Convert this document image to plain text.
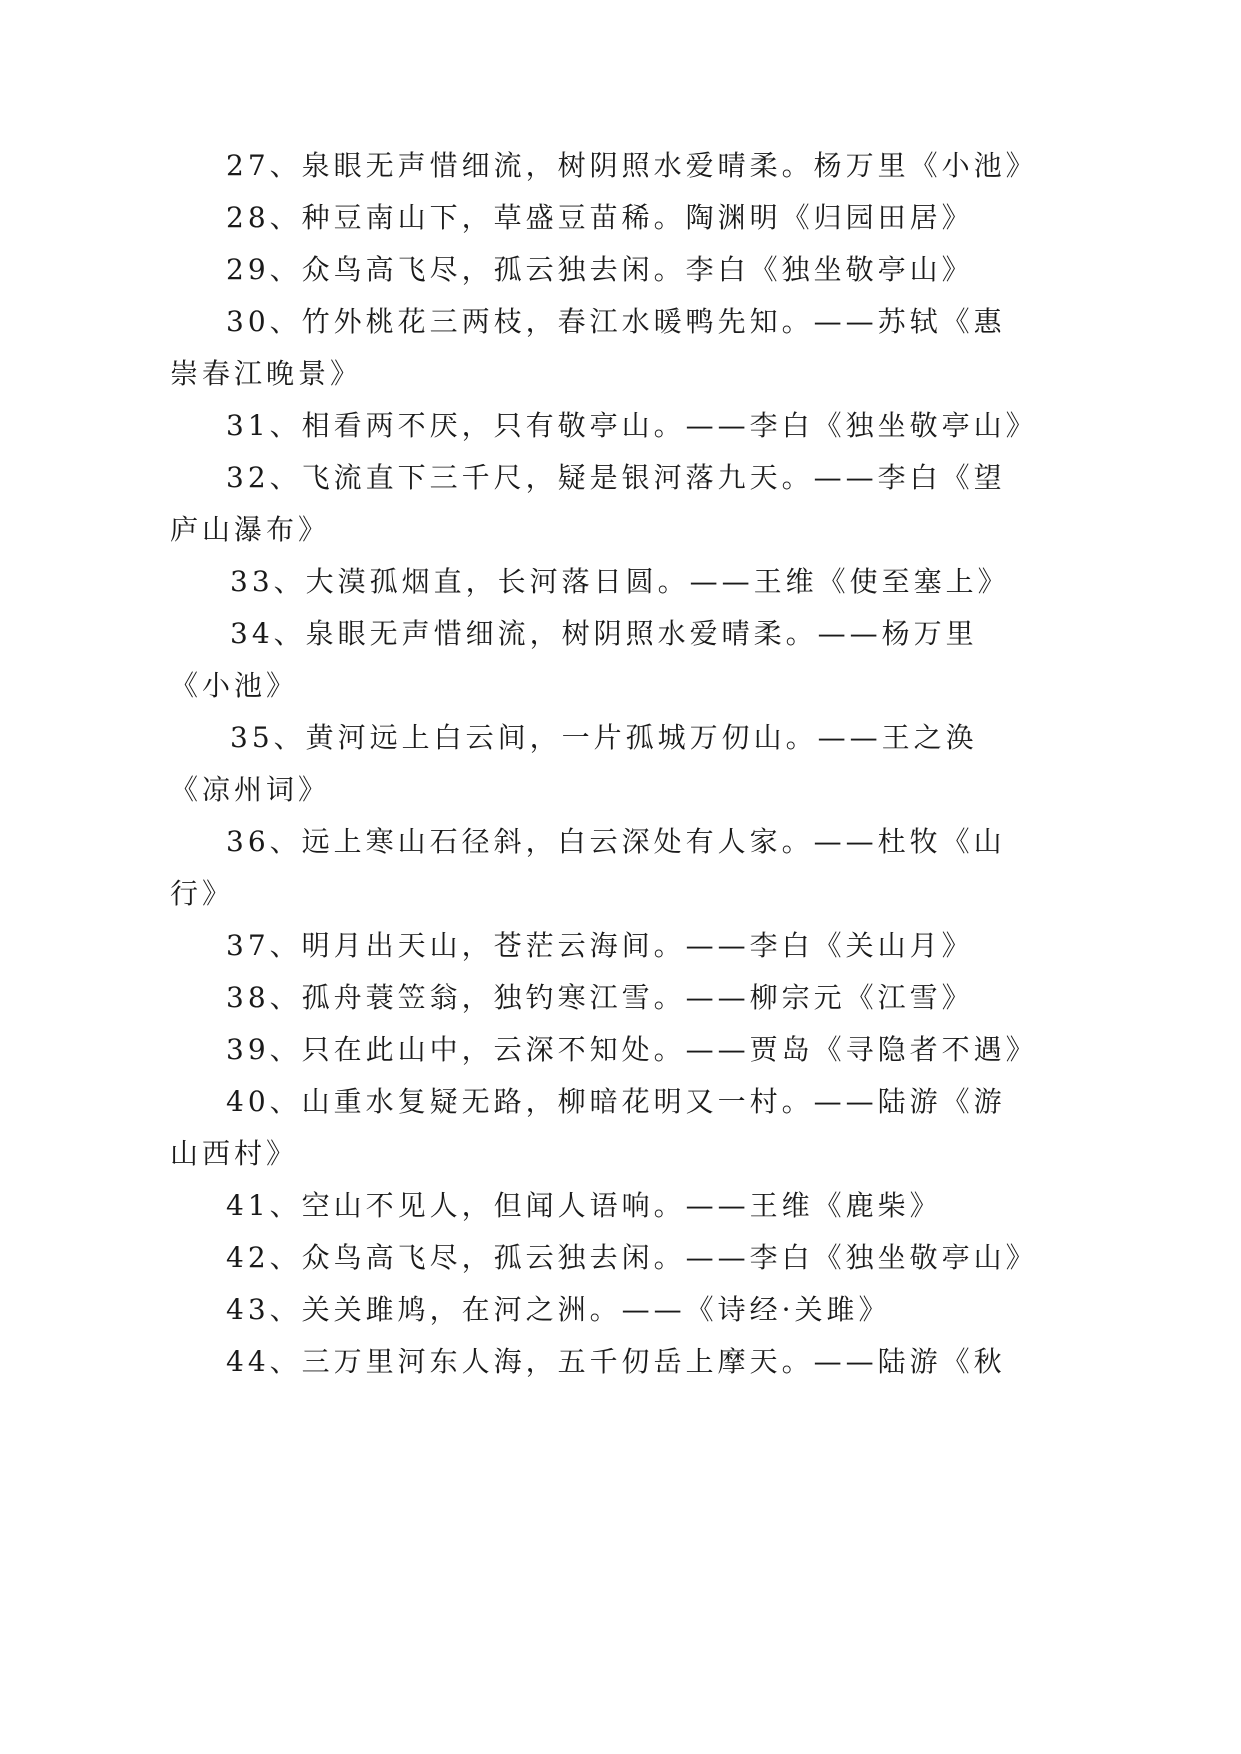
27、泉眼无声惜细流，树阴照水爱晴柔。杨万里《小池》
28、种豆南山下，草盛豆苗稀。陶渊明《归园田居》
29、众鸟高飞尽，孤云独去闲。李白《独坐敬亭山》
30、竹外桃花三两枝，春江水暖鸭先知。——苏轼《惠
崇春江晚景》
31、相看两不厌，只有敬亭山。——李白《独坐敬亭山》
32、飞流直下三千尺，疑是银河落九天。——李白《望
庐山瀑布》
33、大漠孤烟直，长河落日圆。——王维《使至塞上》
34、泉眼无声惜细流，树阴照水爱晴柔。——杨万里
《小池》
35、黄河远上白云间，一片孤城万仞山。——王之涣
《凉州词》
36、远上寒山石径斜，白云深处有人家。——杜牧《山
行》
37、明月出天山，苍茫云海间。——李白《关山月》
38、孤舟蓑笠翁，独钓寒江雪。——柳宗元《江雪》
39、只在此山中，云深不知处。——贾岛《寻隐者不遇》
40、山重水复疑无路，柳暗花明又一村。——陆游《游
山西村》
41、空山不见人，但闻人语响。——王维《鹿柴》
42、众鸟高飞尽，孤云独去闲。——李白《独坐敬亭山》
43、关关雎鸠，在河之洲。——《诗经·关雎》
44、三万里河东人海，五千仞岳上摩天。——陆游《秋
